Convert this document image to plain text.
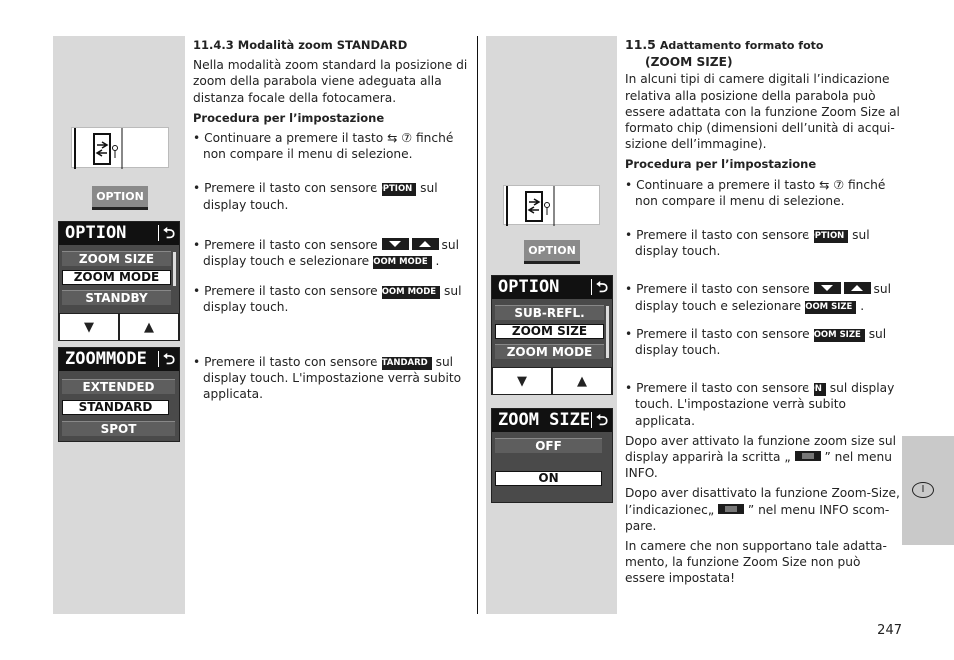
OPTION
OPTION	⮌
ZOOM SIZE
ZOOM MODE
STANDBY
▼	▲
ZOOMMODE	⮌
EXTENDED
STANDARD
SPOT

11.4.3 Modalità zoom STANDARD

Nella modalità zoom standard la posizione di zoom della parabola viene adeguata alla distanza focale della fotocamera.

Procedura per l’impostazione

• Continuare a premere il tasto ⇆ ⑦ finché non compare il menu di selezione.

• Premere il tasto con sensore OPTION sul display touch.

• Premere il tasto con sensore	sul display touch e selezionare ZOOM MODE .

• Premere il tasto con sensore ZOOM MODE sul display touch.

• Premere il tasto con sensore STANDARD sul display touch. L'impostazione verrà subito applicata.

OPTION
OPTION	⮌
SUB-REFL.
ZOOM SIZE
ZOOM MODE
▼	▲
ZOOM SIZE ⮌
OFF
ON

11.5 Adattamento formato foto

(ZOOM SIZE)

In alcuni tipi di camere digitali l’indicazione relativa alla posizione della parabola può essere adattata con la funzione Zoom Size al formato chip (dimensioni dell’unità di acqui-sizione dell’immagine).

Procedura per l’impostazione

• Continuare a premere il tasto ⇆ ⑦ finché non compare il menu di selezione.

• Premere il tasto con sensore OPTION sul display touch.

• Premere il tasto con sensore	sul display touch e selezionare ZOOM SIZE .

• Premere il tasto con sensore ZOOM SIZE sul display touch.

• Premere il tasto con sensore ON sul display touch. L'impostazione verrà subito applicata.

Dopo aver attivato la funzione zoom size sul display apparirà la scritta „	” nel menu INFO.

Dopo aver disattivato la funzione Zoom-Size, l’indicazionec„	” nel menu INFO scom-pare.

In camere che non supportano tale adatta-mento, la funzione Zoom Size non può essere impostata!

I
247
